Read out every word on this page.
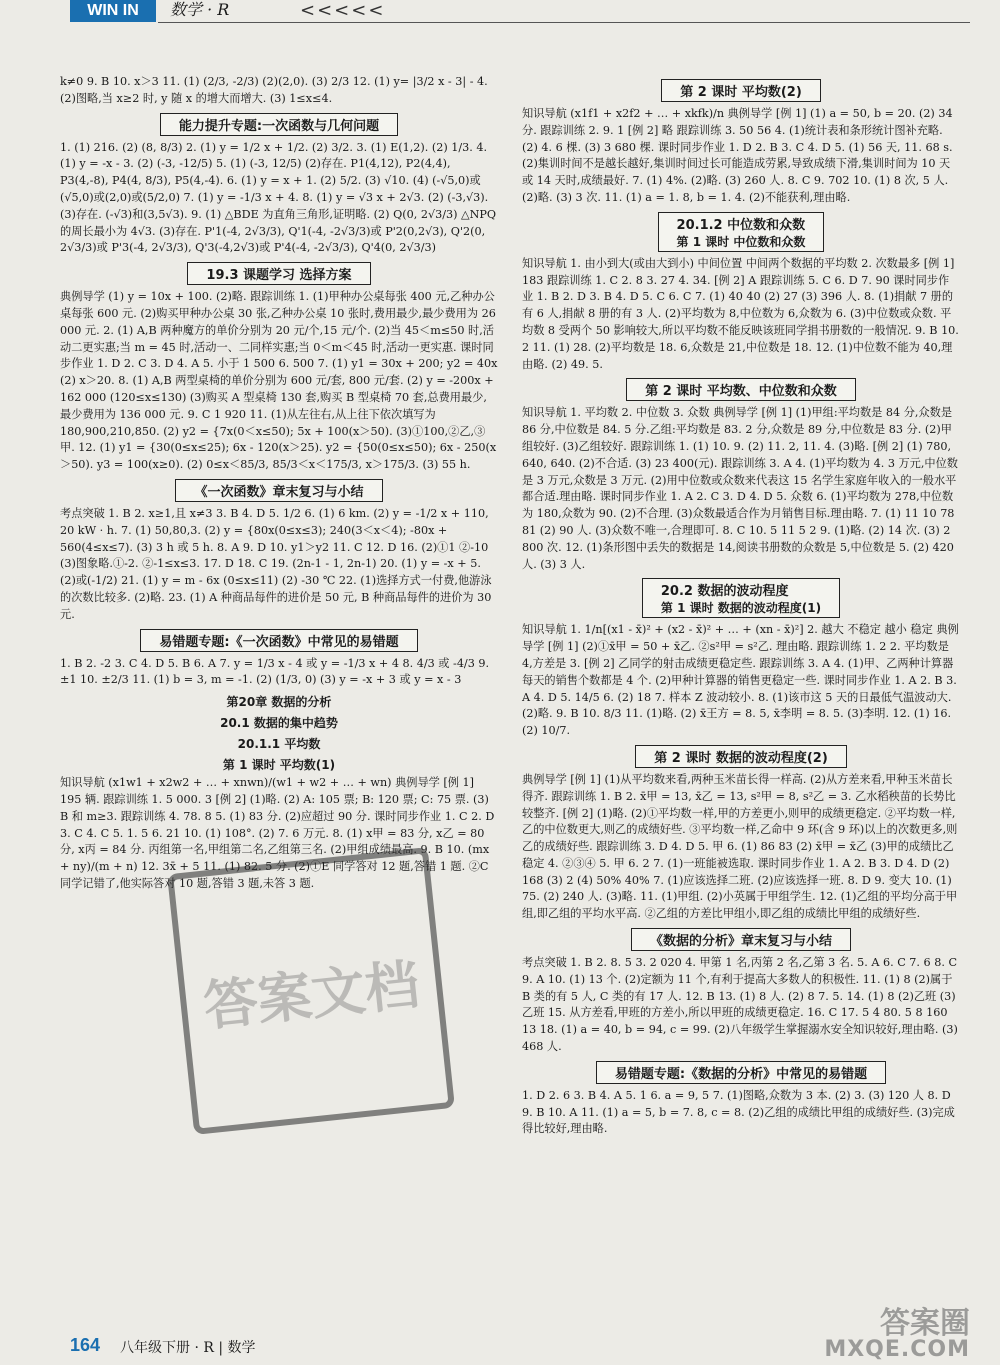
WIN IN	数学 · R	<<<<<

k≠0 9. B 10. x＞3 11. (1) (2/3, -2/3) (2)(2,0). (3) 2/3 12. (1) y= |3/2 x - 3| - 4. (2)图略,当 x≥2 时, y 随 x 的增大而增大. (3) 1≤x≤4.

能力提升专题:一次函数与几何问题

1. (1) 216. (2) (8, 8/3) 2. (1) y = 1/2 x + 1/2. (2) 3/2. 3. (1) E(1,2). (2) 1/3. 4. (1) y = -x - 3. (2) (-3, -12/5) 5. (1) (-3, 12/5) (2)存在. P1(4,12), P2(4,4), P3(4,-8), P4(4, 8/3), P5(4,-4). 6. (1) y = x + 1. (2) 5/2. (3) √10. (4) (-√5,0)或(√5,0)或(2,0)或(5/2,0) 7. (1) y = -1/3 x + 4. 8. (1) y = √3 x + 2√3. (2) (-3,√3). (3)存在. (-√3)和(3,5√3). 9. (1) △BDE 为直角三角形,证明略. (2) Q(0, 2√3/3) △NPQ 的周长最小为 4√3. (3)存在. P'1(-4, 2√3/3), Q'1(-4, -2√3/3)或 P'2(0,2√3), Q'2(0, 2√3/3)或 P'3(-4, 2√3/3), Q'3(-4,2√3)或 P'4(-4, -2√3/3), Q'4(0, 2√3/3)

19.3 课题学习 选择方案

典例导学 (1) y = 10x + 100. (2)略. 跟踪训练 1. (1)甲种办公桌每张 400 元,乙种办公桌每张 600 元. (2)购买甲种办公桌 30 张,乙种办公桌 10 张时,费用最少,最少费用为 26 000 元. 2. (1) A,B 两种魔方的单价分别为 20 元/个,15 元/个. (2)当 45＜m≤50 时,活动二更实惠;当 m = 45 时,活动一、二同样实惠;当 0＜m＜45 时,活动一更实惠. 课时同步作业 1. D 2. C 3. D 4. A 5. 小于 1 500 6. 500 7. (1) y1 = 30x + 200; y2 = 40x (2) x＞20. 8. (1) A,B 两型桌椅的单价分别为 600 元/套, 800 元/套. (2) y = -200x + 162 000 (120≤x≤130) (3)购买 A 型桌椅 130 套,购买 B 型桌椅 70 套,总费用最少,最少费用为 136 000 元. 9. C 1 920 11. (1)从左往右,从上往下依次填写为 180,900,210,850. (2) y2 = {7x(0＜x≤50); 5x + 100(x＞50). (3)①100,②乙,③甲. 12. (1) y1 = {30(0≤x≤25); 6x - 120(x＞25). y2 = {50(0≤x≤50); 6x - 250(x＞50). y3 = 100(x≥0). (2) 0≤x＜85/3, 85/3＜x＜175/3, x＞175/3. (3) 55 h.

《一次函数》章末复习与小结

考点突破 1. B 2. x≥1,且 x≠3 3. B 4. D 5. 1/2 6. (1) 6 km. (2) y = -1/2 x + 110, 20 kW · h. 7. (1) 50,80,3. (2) y = {80x(0≤x≤3); 240(3＜x＜4); -80x + 560(4≤x≤7). (3) 3 h 或 5 h. 8. A 9. D 10. y1＞y2 11. C 12. D 16. (2)①1 ②-10 (3)图象略.①-2. ②-1≤x≤3. 17. D 18. C 19. (2n-1 - 1, 2n-1) 20. (1) y = -x + 5. (2)或(-1/2) 21. (1) y = m - 6x (0≤x≤11) (2) -30 ℃ 22. (1)选择方式一付费,他游泳的次数比较多. (2)略. 23. (1) A 种商品每件的进价是 50 元, B 种商品每件的进价为 30 元.

易错题专题:《一次函数》中常见的易错题

1. B 2. -2 3. C 4. D 5. B 6. A 7. y = 1/3 x - 4 或 y = -1/3 x + 4 8. 4/3 或 -4/3 9. ±1 10. ±2/3 11. (1) b = 3, m = -1. (2) (1/3, 0) (3) y = -x + 3 或 y = x - 3

第20章 数据的分析
20.1 数据的集中趋势
20.1.1 平均数
第 1 课时 平均数(1)

知识导航 (x1w1 + x2w2 + … + xnwn)/(w1 + w2 + … + wn) 典例导学 [例 1] 195 辆. 跟踪训练 1. 5 000. 3 [例 2] (1)略. (2) A: 105 票; B: 120 票; C: 75 票. (3) B 和 m≥3. 跟踪训练 4. 78. 8 5. (1) 83 分. (2)应超过 90 分. 课时同步作业 1. C 2. D 3. C 4. C 5. 1. 5 6. 21 10. (1) 108°. (2) 7. 6 万元. 8. (1) x甲 = 83 分, x乙 = 80 分, x丙 = 84 分. 丙组第一名,甲组第二名,乙组第三名. (2)甲组成绩最高. 9. B 10. (mx + ny)/(m + n) 12. 3x̄ + 5 11. (1) 82. 5 分. (2)①E 同学答对 12 题,答错 1 题. ②C 同学记错了,他实际答对 10 题,答错 3 题,未答 3 题.

第 2 课时 平均数(2)

知识导航 (x1f1 + x2f2 + … + xkfk)/n 典例导学 [例 1] (1) a = 50, b = 20. (2) 34 分. 跟踪训练 2. 9. 1 [例 2] 略 跟踪训练 3. 50 56 4. (1)统计表和条形统计图补充略. (2) 4. 6 棵. (3) 3 680 棵. 课时同步作业 1. D 2. B 3. C 4. D 5. (1) 56 天, 11. 68 s. (2)集训时间不是越长越好,集训时间过长可能造成劳累,导致成绩下滑,集训时间为 10 天或 14 天时,成绩最好. 7. (1) 4%. (2)略. (3) 260 人. 8. C 9. 702 10. (1) 8 次, 5 人. (2)略. (3) 3 次. 11. (1) a = 1. 8, b = 1. 4. (2)不能获利,理由略.

20.1.2 中位数和众数
第 1 课时 中位数和众数

知识导航 1. 由小到大(或由大到小) 中间位置 中间两个数据的平均数 2. 次数最多 [例 1] 183 跟踪训练 1. C 2. 8 3. 27 4. 34. [例 2] A 跟踪训练 5. C 6. D 7. 90 课时同步作业 1. B 2. D 3. B 4. D 5. C 6. C 7. (1) 40 40 (2) 27 (3) 396 人. 8. (1)捐献 7 册的有 6 人,捐献 8 册的有 3 人. (2)平均数为 8,中位数为 6,众数为 6. (3)中位数或众数. 平均数 8 受两个 50 影响较大,所以平均数不能反映该班同学捐书册数的一般情况. 9. B 10. 2 11. (1) 28. (2)平均数是 18. 6,众数是 21,中位数是 18. 12. (1)中位数不能为 40,理由略. (2) 49. 5.

第 2 课时 平均数、中位数和众数

知识导航 1. 平均数 2. 中位数 3. 众数 典例导学 [例 1] (1)甲组:平均数是 84 分,众数是 86 分,中位数是 84. 5 分.乙组:平均数是 83. 2 分,众数是 89 分,中位数是 83 分. (2)甲组较好. (3)乙组较好. 跟踪训练 1. (1) 10. 9. (2) 11. 2, 11. 4. (3)略. [例 2] (1) 780, 640, 640. (2)不合适. (3) 23 400(元). 跟踪训练 3. A 4. (1)平均数为 4. 3 万元,中位数是 3 万元,众数是 3 万元. (2)用中位数或众数来代表这 15 名学生家庭年收入的一般水平都合适.理由略. 课时同步作业 1. A 2. C 3. D 4. D 5. 众数 6. (1)平均数为 278,中位数为 180,众数为 90. (2)不合理. (3)众数最适合作为月销售目标.理由略. 7. (1) 11 10 78 81 (2) 90 人. (3)众数不唯一,合理即可. 8. C 10. 5 11 5 2 9. (1)略. (2) 14 次. (3) 2 800 次. 12. (1)条形图中丢失的数据是 14,阅读书册数的众数是 5,中位数是 5. (2) 420 人. (3) 3 人.

20.2 数据的波动程度
第 1 课时 数据的波动程度(1)

知识导航 1. 1/n[(x1 - x̄)² + (x2 - x̄)² + … + (xn - x̄)²] 2. 越大 不稳定 越小 稳定 典例导学 [例 1] (2)①x̄甲 = 50 + x̄乙. ②s²甲 = s²乙. 理由略. 跟踪训练 1. 2 2. 平均数是 4,方差是 3. [例 2] 乙同学的射击成绩更稳定些. 跟踪训练 3. A 4. (1)甲、乙两种计算器每天的销售个数都是 4 个. (2)甲种计算器的销售更稳定一些. 课时同步作业 1. A 2. B 3. A 4. D 5. 14/5 6. (2) 18 7. 样本 Z 波动较小. 8. (1)该市这 5 天的日最低气温波动大. (2)略. 9. B 10. 8/3 11. (1)略. (2) x̄王方 = 8. 5, x̄李明 = 8. 5. (3)李明. 12. (1) 16. (2) 10/7.

第 2 课时 数据的波动程度(2)

典例导学 [例 1] (1)从平均数来看,两种玉米苗长得一样高. (2)从方差来看,甲种玉米苗长得齐. 跟踪训练 1. B 2. x̄甲 = 13, x̄乙 = 13, s²甲 = 8, s²乙 = 3. 乙水稻秧苗的长势比较整齐. [例 2] (1)略. (2)①平均数一样,甲的方差更小,则甲的成绩更稳定. ②平均数一样,乙的中位数更大,则乙的成绩好些. ③平均数一样,乙命中 9 环(含 9 环)以上的次数更多,则乙的成绩好些. 跟踪训练 3. D 4. D 5. 甲 6. (1) 86 83 (2) x̄甲 = x̄乙 (3)甲的成绩比乙稳定 4. ②③④ 5. 甲 6. 2 7. (1)一班能被选取. 课时同步作业 1. A 2. B 3. D 4. D (2) 168 (3) 2 (4) 50% 40% 7. (1)应该选择二班. (2)应该选择一班. 8. D 9. 变大 10. (1) 75. (2) 240 人. (3)略. 11. (1)甲组. (2)小英属于甲组学生. 12. (1)乙组的平均分高于甲组,即乙组的平均水平高. ②乙组的方差比甲组小,即乙组的成绩比甲组的成绩好些.

《数据的分析》章末复习与小结

考点突破 1. B 2. 8. 5 3. 2 020 4. 甲第 1 名,丙第 2 名,乙第 3 名. 5. A 6. C 7. 6 8. C 9. A 10. (1) 13 个. (2)定额为 11 个,有利于提高大多数人的积极性. 11. (1) 8 (2)属于 B 类的有 5 人, C 类的有 17 人. 12. B 13. (1) 8 人. (2) 8 7. 5. 14. (1) 8 (2)乙班 (3)乙班 15. 从方差看,甲班的方差小,所以甲班的成绩更稳定. 16. C 17. 5 4 80. 5 8 160 13 18. (1) a = 40, b = 94, c = 99. (2)八年级学生掌握溺水安全知识较好,理由略. (3) 468 人.

易错题专题:《数据的分析》中常见的易错题

1. D 2. 6 3. B 4. A 5. 1 6. a = 9, 5 7. (1)图略,众数为 3 本. (2) 3. (3) 120 人 8. D 9. B 10. A 11. (1) a = 5, b = 7. 8, c = 8. (2)乙组的成绩比甲组的成绩好些. (3)完成得比较好,理由略.

答案文档
164 八年级下册 · R | 数学
答案圈
MXQE.COM
